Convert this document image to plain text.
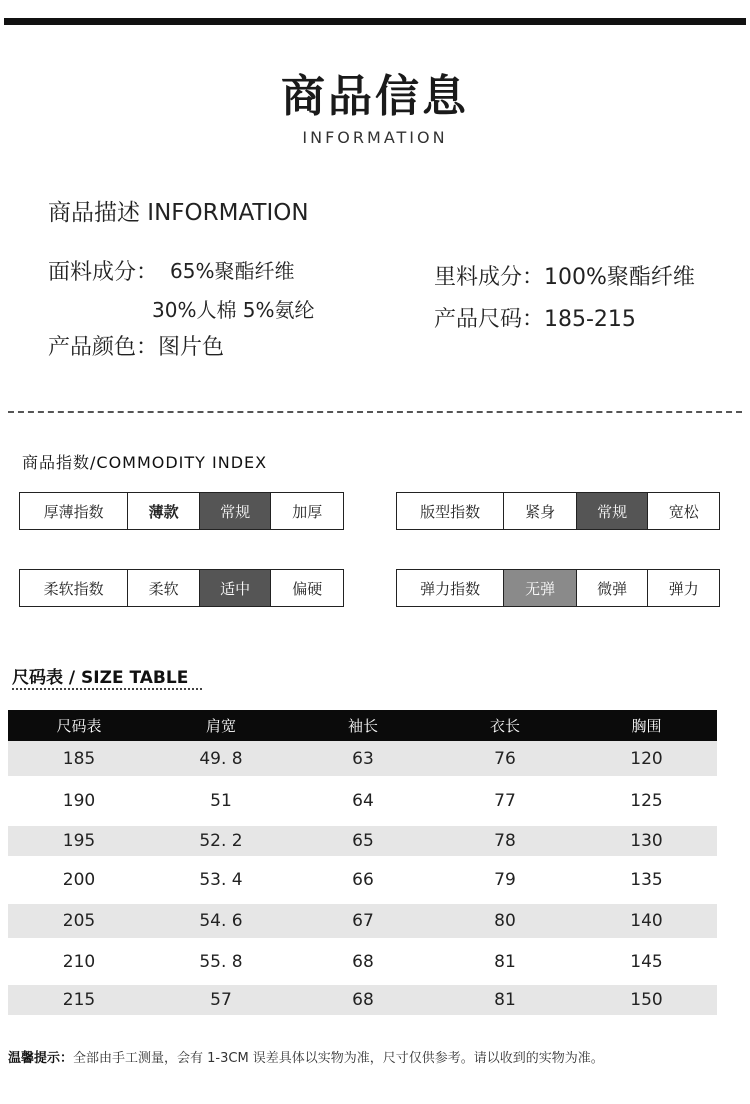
商品信息
INFORMATION
商品描述 INFORMATION
面料成分： 65%聚酯纤维
30%人棉 5%氨纶
产品颜色：图片色
里料成分：100%聚酯纤维
产品尺码：185-215
商品指数/COMMODITY INDEX
厚薄指数	薄款	常规	加厚	版型指数	紧身	常规	宽松
柔软指数	柔软	适中	偏硬	弹力指数	无弹	微弹	弹力
尺码表 / SIZE TABLE
尺码表	肩宽	袖长	衣长	胸围
185	49. 8	63	76	120
190	51	64	77	125
195	52. 2	65	78	130
200	53. 4	66	79	135
205	54. 6	67	80	140
210	55. 8	68	81	145
215	57	68	81	150
温馨提示：全部由手工测量，会有 1-3CM 误差具体以实物为准，尺寸仅供参考。请以收到的实物为准。
